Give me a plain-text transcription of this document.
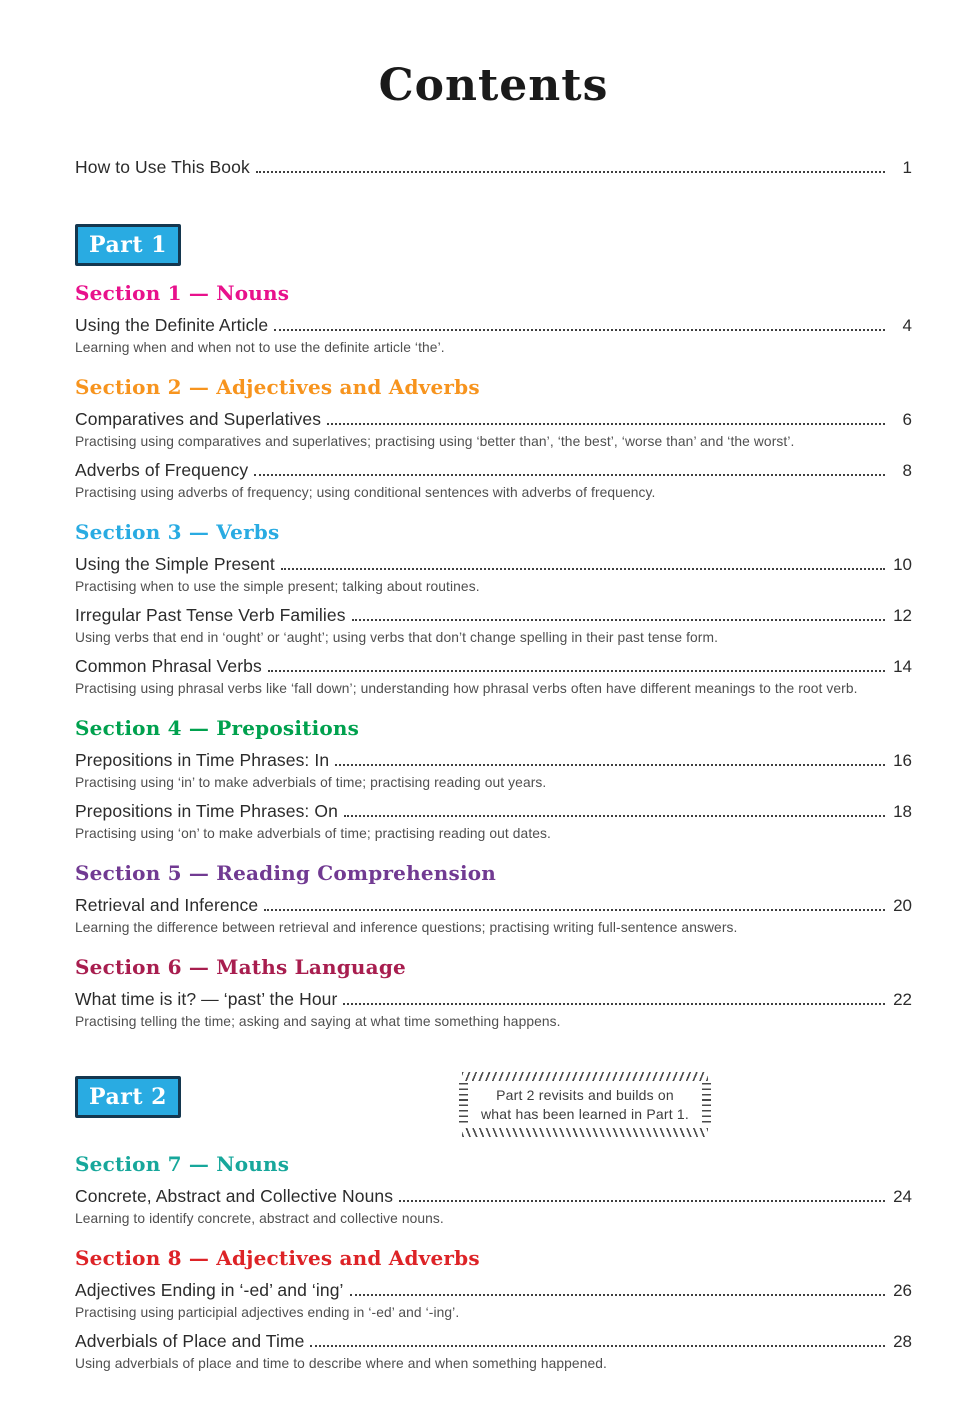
Contents
How to Use This Book	1
Part 1
Section 1 — Nouns
Using the Definite Article	4

Learning when and when not to use the definite article ‘the’.

Section 2 — Adjectives and Adverbs
Comparatives and Superlatives	6

Practising using comparatives and superlatives; practising using ‘better than’, ‘the best’, ‘worse than’ and ‘the worst’.

Adverbs of Frequency	8

Practising using adverbs of frequency; using conditional sentences with adverbs of frequency.

Section 3 — Verbs
Using the Simple Present	10

Practising when to use the simple present; talking about routines.

Irregular Past Tense Verb Families	12

Using verbs that end in ‘ought’ or ‘aught’; using verbs that don’t change spelling in their past tense form.

Common Phrasal Verbs	14

Practising using phrasal verbs like ‘fall down’; understanding how phrasal verbs often have different meanings to the root verb.

Section 4 — Prepositions
Prepositions in Time Phrases: In	16

Practising using ‘in’ to make adverbials of time; practising reading out years.

Prepositions in Time Phrases: On	18

Practising using ‘on’ to make adverbials of time; practising reading out dates.

Section 5 — Reading Comprehension
Retrieval and Inference	20

Learning the difference between retrieval and inference questions; practising writing full-sentence answers.

Section 6 — Maths Language
What time is it? — ‘past’ the Hour	22

Practising telling the time; asking and saying at what time something happens.

Part 2	Part 2 revisits and builds on
what has been learned in Part 1.
Section 7 — Nouns
Concrete, Abstract and Collective Nouns	24

Learning to identify concrete, abstract and collective nouns.

Section 8 — Adjectives and Adverbs
Adjectives Ending in ‘-ed’ and ‘ing’	26

Practising using participial adjectives ending in ‘-ed’ and ‘-ing’.

Adverbials of Place and Time	28

Using adverbials of place and time to describe where and when something happened.
